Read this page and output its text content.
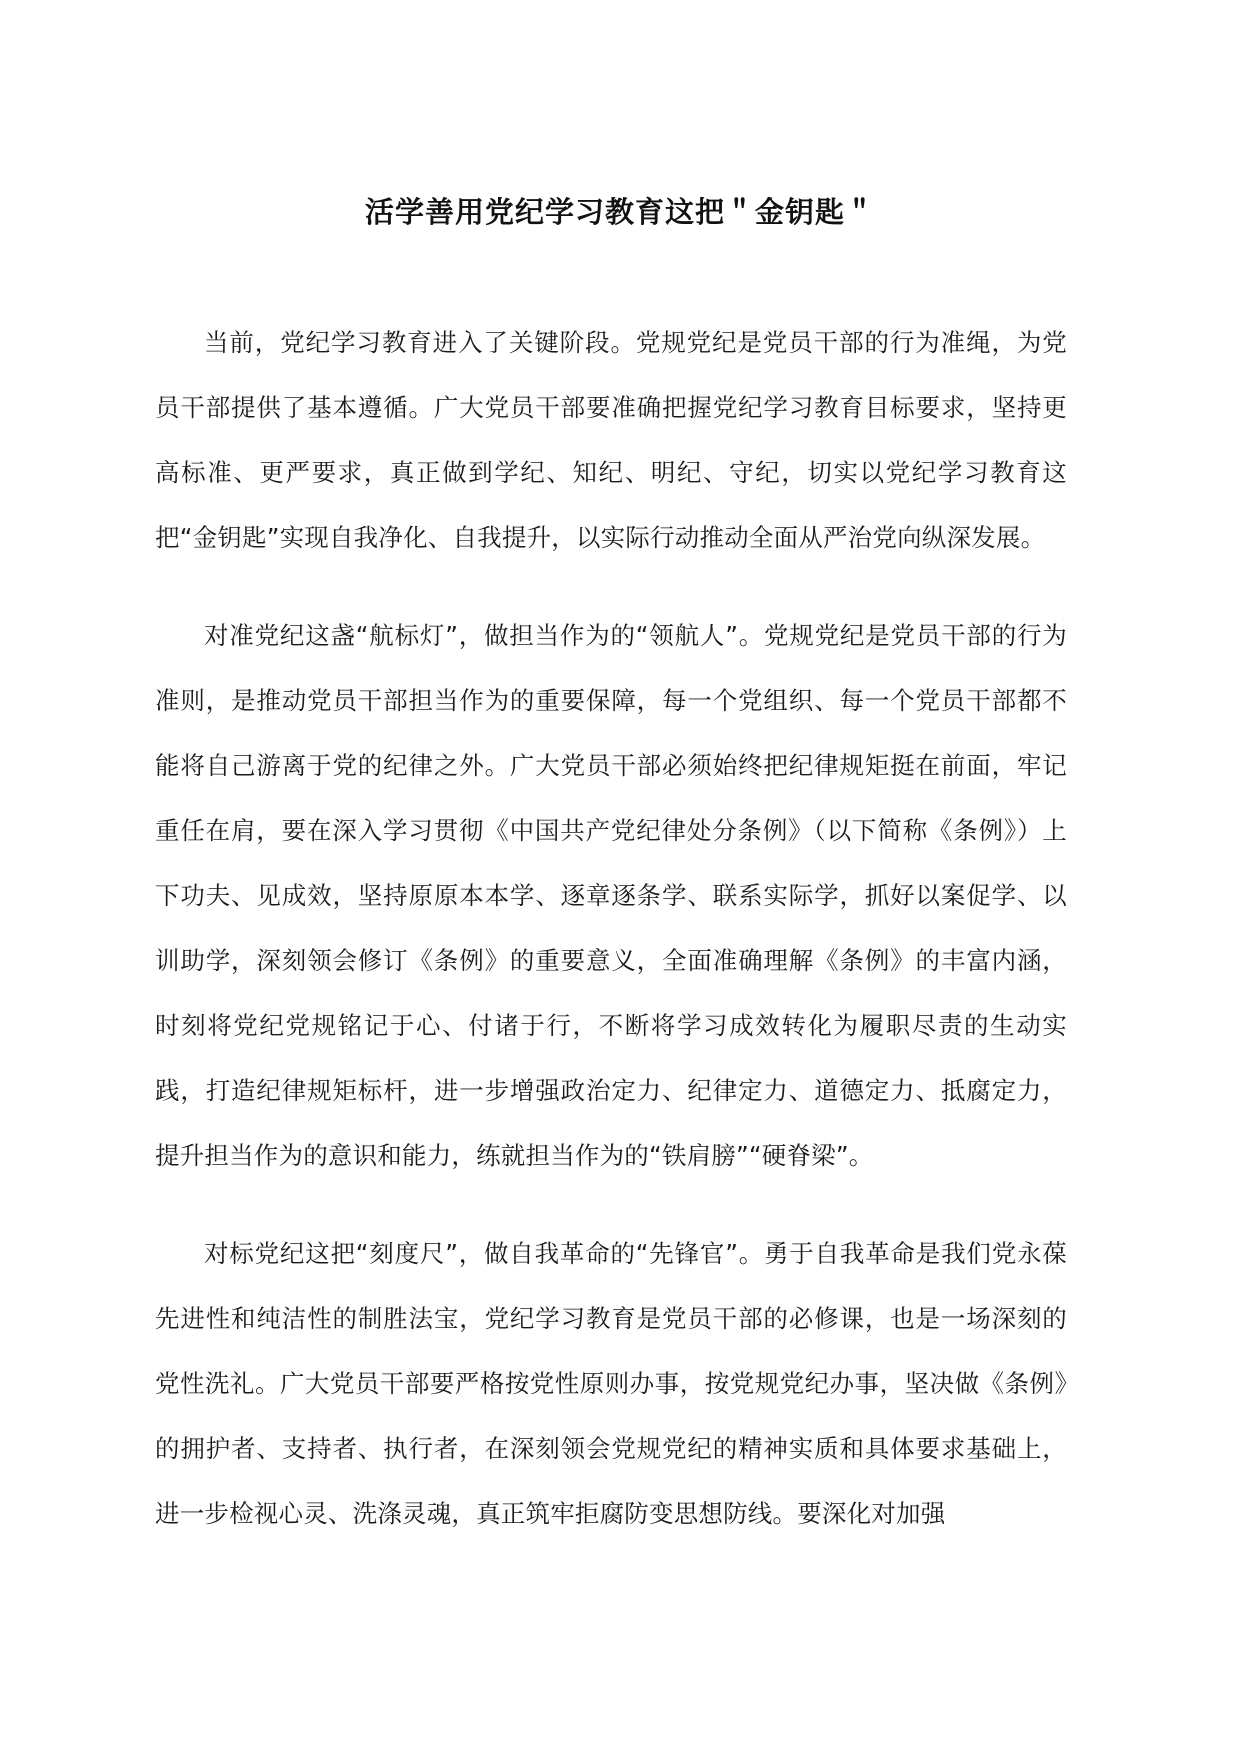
活学善用党纪学习教育这把＂金钥匙＂

当前，党纪学习教育进入了关键阶段。党规党纪是党员干部的行为准绳，为党员干部提供了基本遵循。广大党员干部要准确把握党纪学习教育目标要求，坚持更高标准、更严要求，真正做到学纪、知纪、明纪、守纪，切实以党纪学习教育这把“金钥匙”实现自我净化、自我提升，以实际行动推动全面从严治党向纵深发展。

对准党纪这盏“航标灯”，做担当作为的“领航人”。党规党纪是党员干部的行为准则，是推动党员干部担当作为的重要保障，每一个党组织、每一个党员干部都不能将自己游离于党的纪律之外。广大党员干部必须始终把纪律规矩挺在前面，牢记重任在肩，要在深入学习贯彻《中国共产党纪律处分条例》（以下简称《条例》）上下功夫、见成效，坚持原原本本学、逐章逐条学、联系实际学，抓好以案促学、以训助学，深刻领会修订《条例》的重要意义，全面准确理解《条例》的丰富内涵，时刻将党纪党规铭记于心、付诸于行，不断将学习成效转化为履职尽责的生动实践，打造纪律规矩标杆，进一步增强政治定力、纪律定力、道德定力、抵腐定力，提升担当作为的意识和能力，练就担当作为的“铁肩膀”“硬脊梁”。

对标党纪这把“刻度尺”，做自我革命的“先锋官”。勇于自我革命是我们党永葆先进性和纯洁性的制胜法宝，党纪学习教育是党员干部的必修课，也是一场深刻的党性洗礼。广大党员干部要严格按党性原则办事，按党规党纪办事，坚决做《条例》的拥护者、支持者、执行者，在深刻领会党规党纪的精神实质和具体要求基础上，进一步检视心灵、洗涤灵魂，真正筑牢拒腐防变思想防线。要深化对加强
